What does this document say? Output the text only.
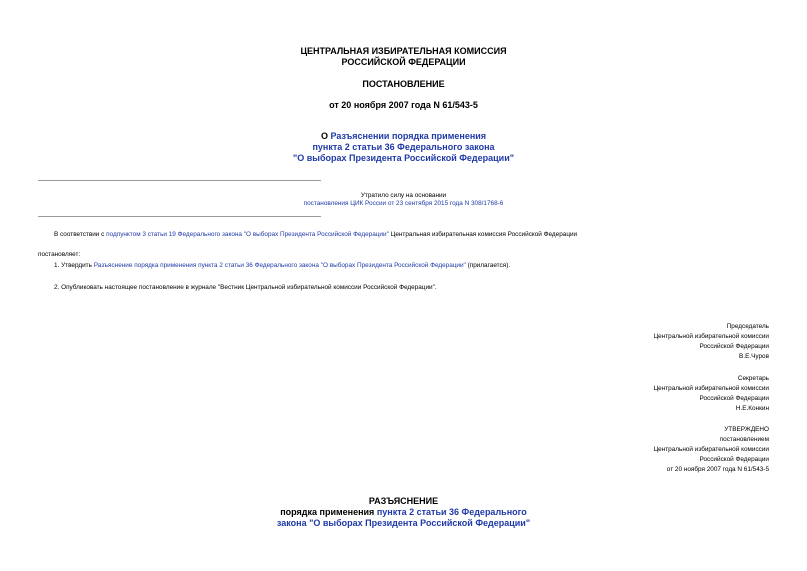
ЦЕНТРАЛЬНАЯ ИЗБИРАТЕЛЬНАЯ КОМИССИЯ
РОССИЙСКОЙ ФЕДЕРАЦИИ
ПОСТАНОВЛЕНИЕ
от 20 ноября 2007 года N 61/543-5
О Разъяснении порядка применения
пункта 2 статьи 36 Федерального закона
"О выборах Президента Российской Федерации"
Утратило силу на основании
постановления ЦИК России от 23 сентября 2015 года N 308/1768-6
В соответствии с подпунктом 3 статьи 19 Федерального закона "О выборах Президента Российской Федерации" Центральная избирательная комиссия Российской Федерации
постановляет:
1. Утвердить Разъяснение порядка применения пункта 2 статьи 36 Федерального закона "О выборах Президента Российской Федерации" (прилагается).
2. Опубликовать настоящее постановление в журнале "Вестник Центральной избирательной комиссии Российской Федерации".
Председатель
Центральной избирательной комиссии
Российской Федерации
В.Е.Чуров
Секретарь
Центральной избирательной комиссии
Российской Федерации
Н.Е.Конкин
УТВЕРЖДЕНО
постановлением
Центральной избирательной комиссии
Российской Федерации
от 20 ноября 2007 года N 61/543-5
РАЗЪЯСНЕНИЕ
порядка применения пункта 2 статьи 36 Федерального
закона "О выборах Президента Российской Федерации"
